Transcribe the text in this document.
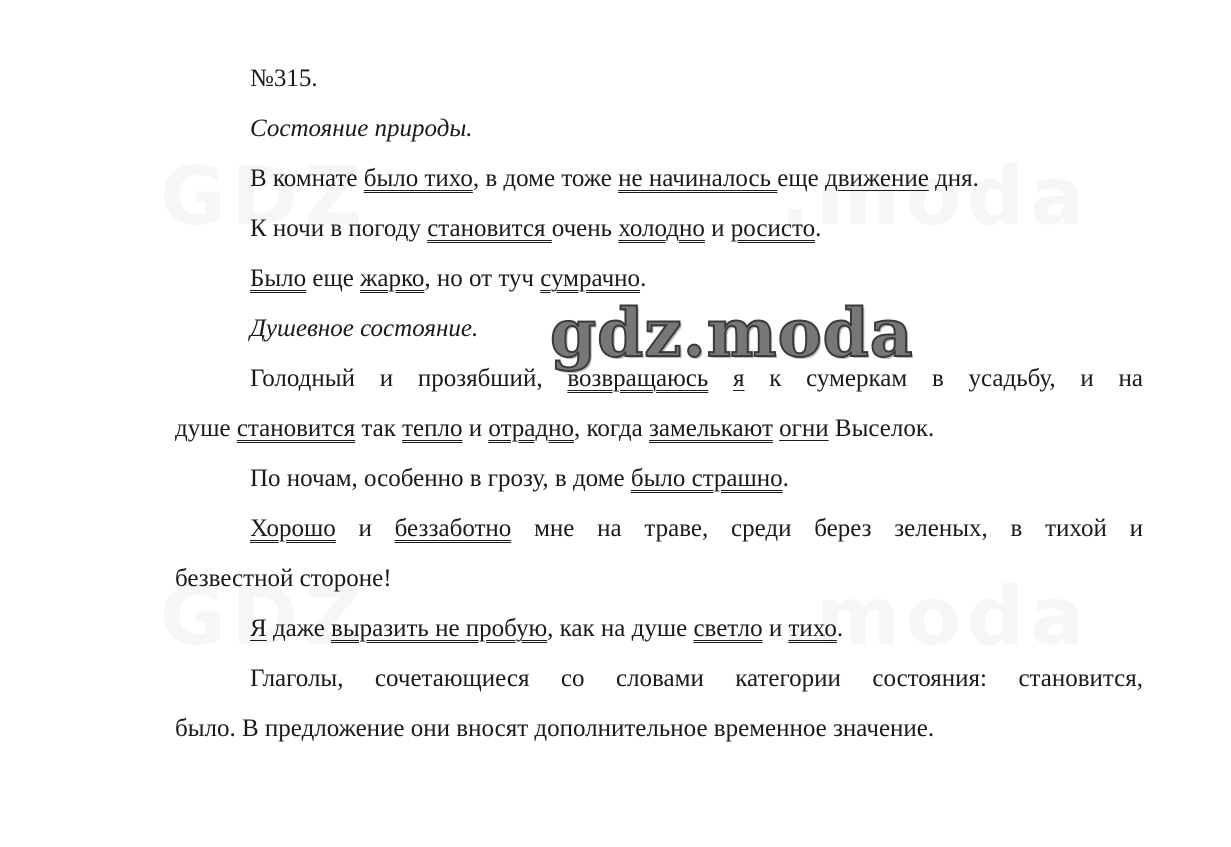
№315.
Состояние природы.
В комнате было тихо, в доме тоже не начиналось еще движение дня.
К ночи в погоду становится очень холодно и росисто.
Было еще жарко, но от туч сумрачно.
Душевное состояние.
Голодный и прозябший, возвращаюсь я к сумеркам в усадьбу, и на
душе становится так тепло и отрадно, когда замелькают огни Выселок.
По ночам, особенно в грозу, в доме было страшно.
Хорошо и беззаботно мне на траве, среди берез зеленых, в тихой и
безвестной стороне!
Я даже выразить не пробую, как на душе светло и тихо.
Глаголы, сочетающиеся со словами категории состояния: становится,
было. В предложение они вносят дополнительное временное значение.
gdz.moda
